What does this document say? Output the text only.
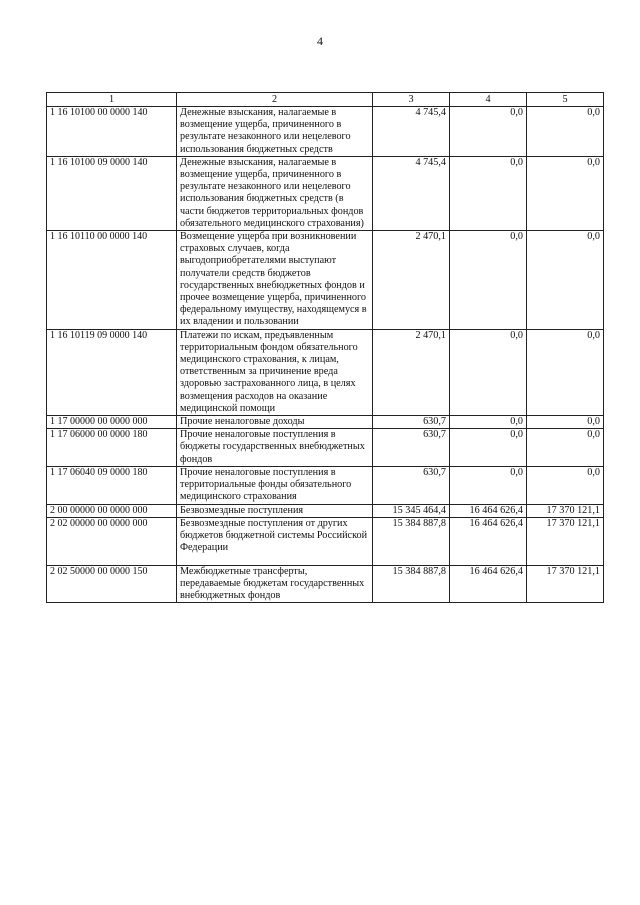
4
1	2	3	4	5
1 16 10100 00 0000 140	Денежные взыскания, налагаемые в возмещение ущерба, причиненного в результате незаконного или нецелевого использования бюджетных средств	4 745,4	0,0	0,0
1 16 10100 09 0000 140	Денежные взыскания, налагаемые в возмещение ущерба, причиненного в результате незаконного или нецелевого использования бюджетных средств (в части бюджетов территориальных фондов обязательного медицинского страхования)	4 745,4	0,0	0,0
1 16 10110 00 0000 140	Возмещение ущерба при возникновении страховых случаев, когда выгодоприобретателями выступают получатели средств бюджетов государственных внебюджетных фондов и прочее возмещение ущерба, причиненного федеральному имуществу, находящемуся в их владении и пользовании	2 470,1	0,0	0,0
1 16 10119 09 0000 140	Платежи по искам, предъявленным территориальным фондом обязательного медицинского страхования, к лицам, ответственным за причинение вреда здоровью застрахованного лица, в целях возмещения расходов на оказание медицинской помощи	2 470,1	0,0	0,0
1 17 00000 00 0000 000	Прочие неналоговые доходы	630,7	0,0	0,0
1 17 06000 00 0000 180	Прочие неналоговые поступления в бюджеты государственных внебюджетных фондов	630,7	0,0	0,0
1 17 06040 09 0000 180	Прочие неналоговые поступления в территориальные фонды обязательного медицинского страхования	630,7	0,0	0,0
2 00 00000 00 0000 000	Безвозмездные поступления	15 345 464,4	16 464 626,4	17 370 121,1
2 02 00000 00 0000 000	Безвозмездные поступления от других бюджетов бюджетной системы Российской Федерации	15 384 887,8	16 464 626,4	17 370 121,1
2 02 50000 00 0000 150	Межбюджетные трансферты, передаваемые бюджетам государственных внебюджетных фондов	15 384 887,8	16 464 626,4	17 370 121,1
